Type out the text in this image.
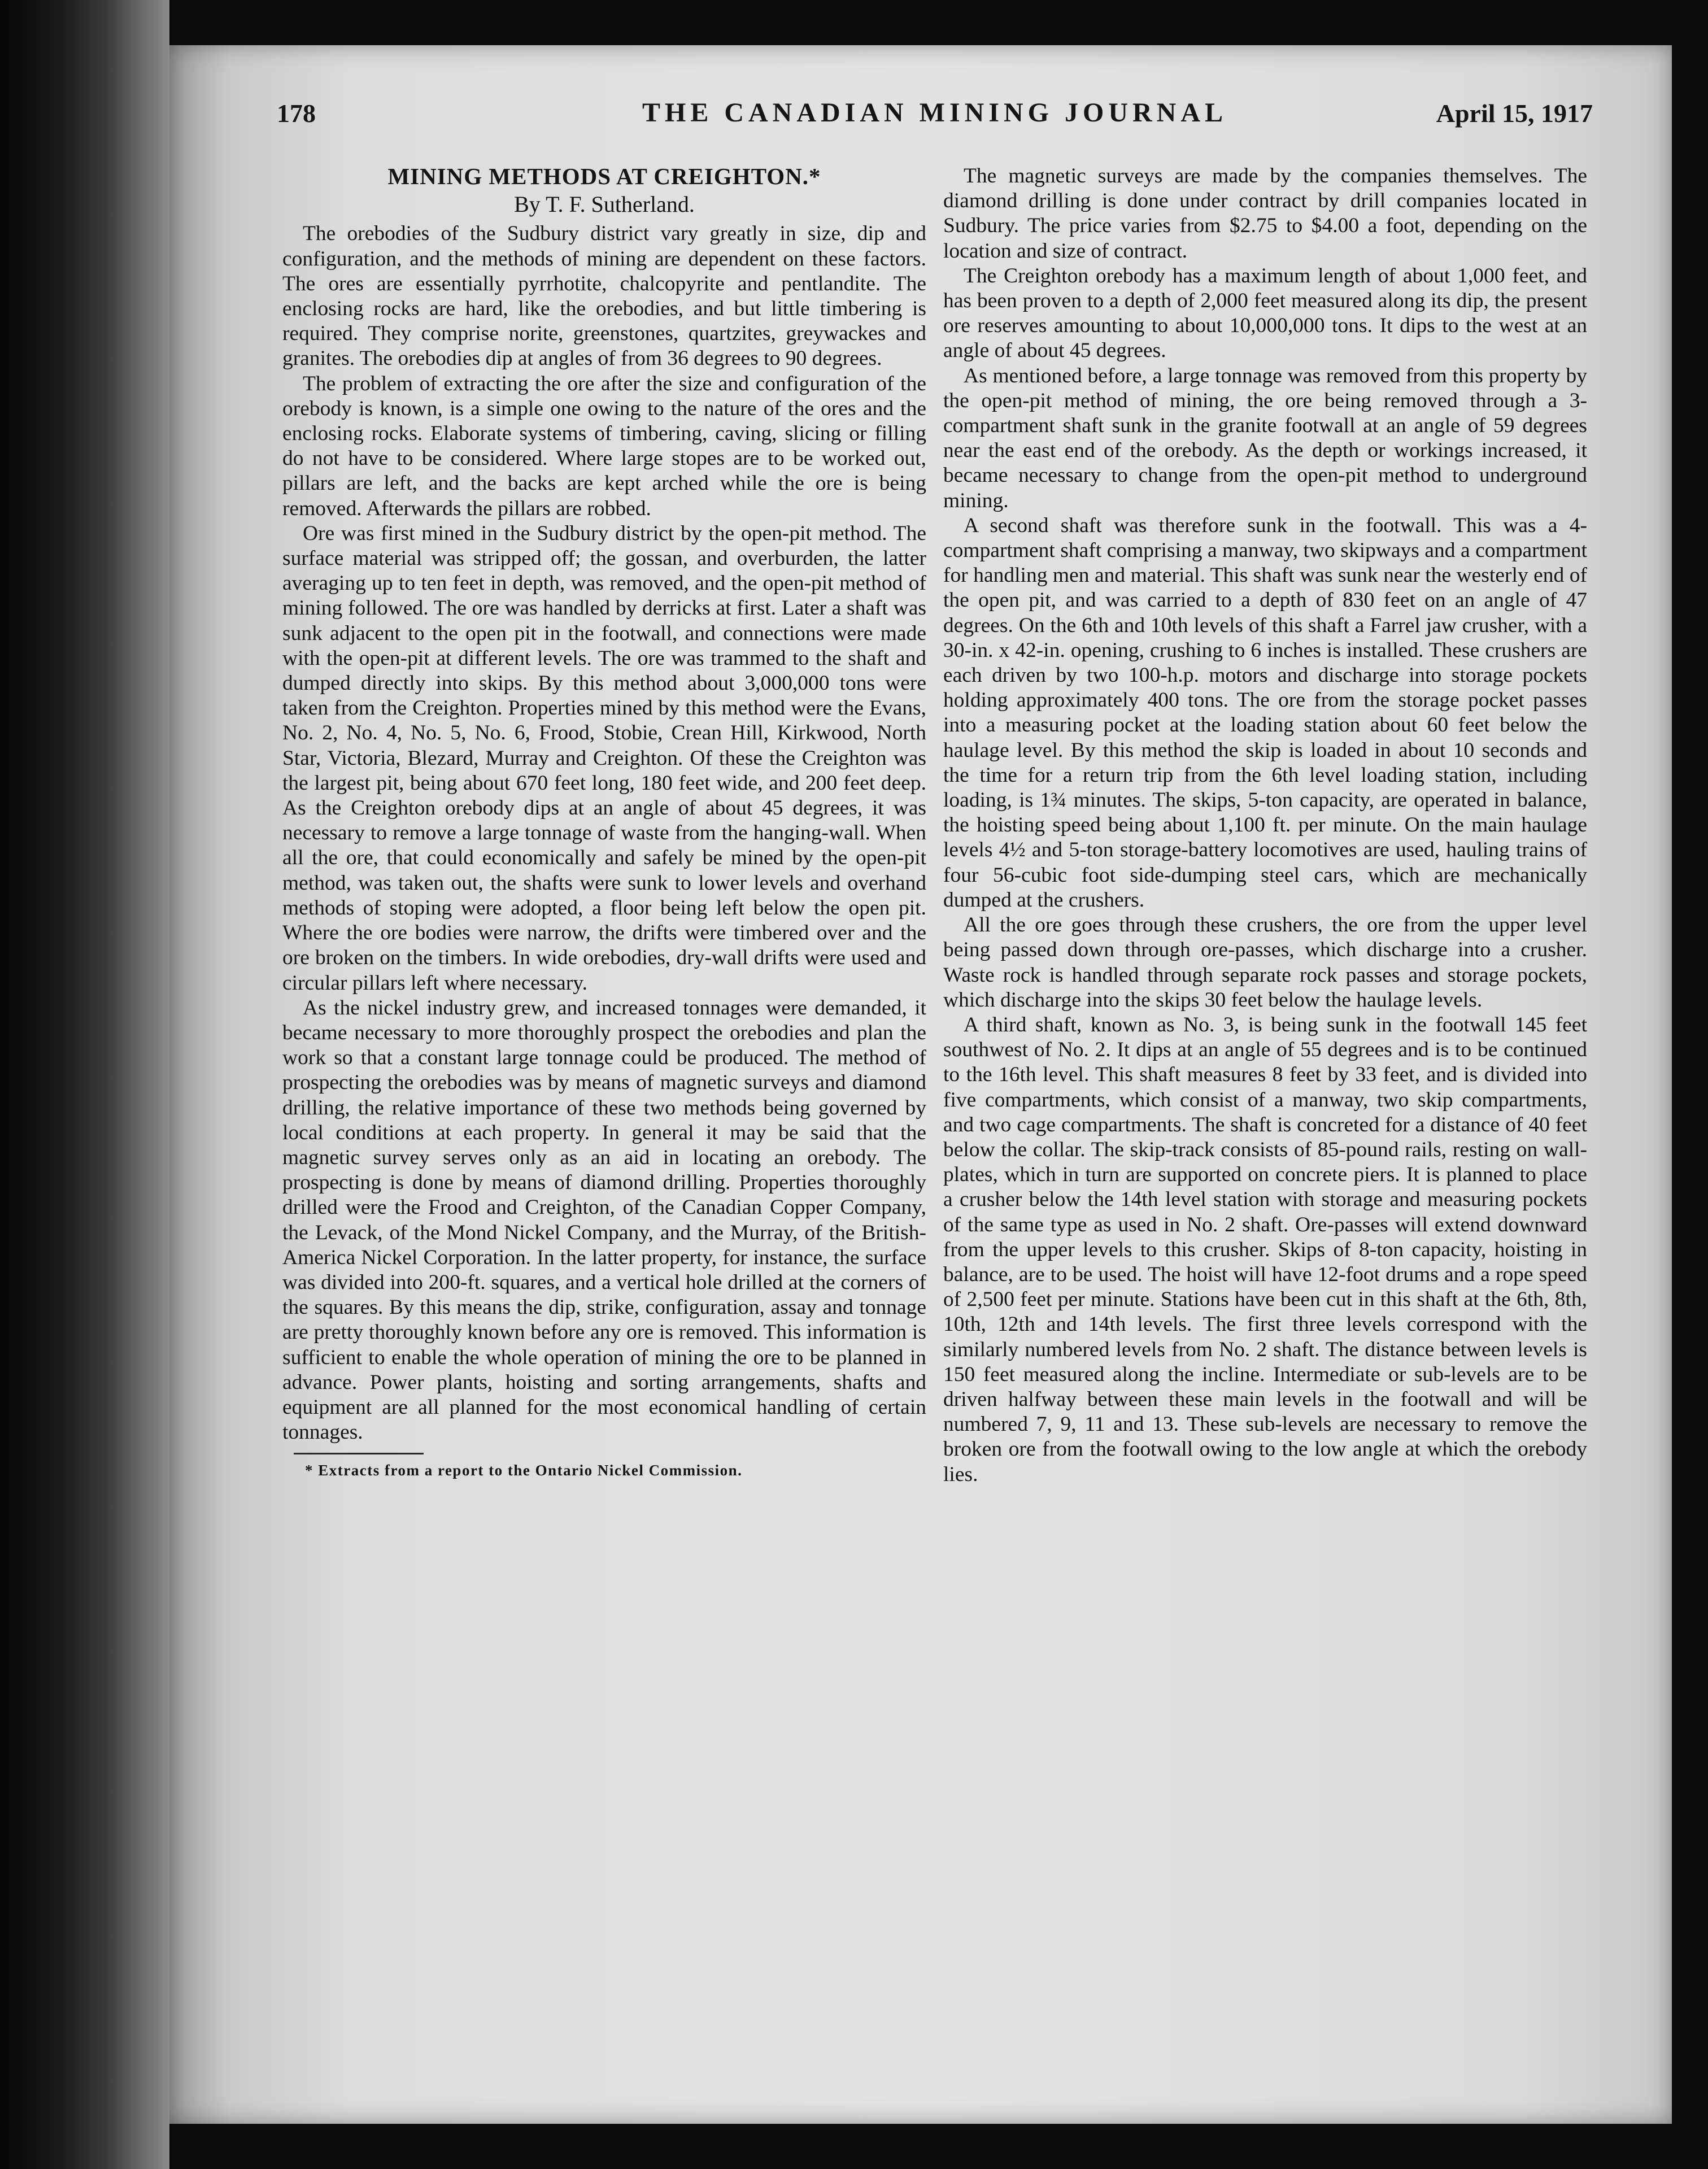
178	THE CANADIAN MINING JOURNAL	April 15, 1917
MINING METHODS AT CREIGHTON.*
By T. F. Sutherland.

The orebodies of the Sudbury district vary greatly in size, dip and configuration, and the methods of mining are dependent on these factors. The ores are essentially pyrrhotite, chalcopyrite and pentlandite. The enclosing rocks are hard, like the orebodies, and but little timbering is required. They comprise norite, greenstones, quartzites, greywackes and granites. The orebodies dip at angles of from 36 degrees to 90 degrees.

The problem of extracting the ore after the size and configuration of the orebody is known, is a simple one owing to the nature of the ores and the enclosing rocks. Elaborate systems of timbering, caving, slicing or filling do not have to be considered. Where large stopes are to be worked out, pillars are left, and the backs are kept arched while the ore is being removed. Afterwards the pillars are robbed.

Ore was first mined in the Sudbury district by the open-pit method. The surface material was stripped off; the gossan, and overburden, the latter averaging up to ten feet in depth, was removed, and the open-pit method of mining followed. The ore was handled by derricks at first. Later a shaft was sunk adjacent to the open pit in the footwall, and connections were made with the open-pit at different levels. The ore was trammed to the shaft and dumped directly into skips. By this method about 3,000,000 tons were taken from the Creighton. Properties mined by this method were the Evans, No. 2, No. 4, No. 5, No. 6, Frood, Stobie, Crean Hill, Kirkwood, North Star, Victoria, Blezard, Murray and Creighton. Of these the Creighton was the largest pit, being about 670 feet long, 180 feet wide, and 200 feet deep. As the Creighton orebody dips at an angle of about 45 degrees, it was necessary to remove a large tonnage of waste from the hanging-wall. When all the ore, that could economically and safely be mined by the open-pit method, was taken out, the shafts were sunk to lower levels and overhand methods of stoping were adopted, a floor being left below the open pit. Where the ore bodies were narrow, the drifts were timbered over and the ore broken on the timbers. In wide orebodies, dry-wall drifts were used and circular pillars left where necessary.

As the nickel industry grew, and increased tonnages were demanded, it became necessary to more thoroughly prospect the orebodies and plan the work so that a constant large tonnage could be produced. The method of prospecting the orebodies was by means of magnetic surveys and diamond drilling, the relative importance of these two methods being governed by local conditions at each property. In general it may be said that the magnetic survey serves only as an aid in locating an orebody. The prospecting is done by means of diamond drilling. Properties thoroughly drilled were the Frood and Creighton, of the Canadian Copper Company, the Levack, of the Mond Nickel Company, and the Murray, of the British-America Nickel Corporation. In the latter property, for instance, the surface was divided into 200-ft. squares, and a vertical hole drilled at the corners of the squares. By this means the dip, strike, configuration, assay and tonnage are pretty thoroughly known before any ore is removed. This information is sufficient to enable the whole operation of mining the ore to be planned in advance. Power plants, hoisting and sorting arrangements, shafts and equipment are all planned for the most economical handling of certain tonnages.

* Extracts from a report to the Ontario Nickel Commission.

The magnetic surveys are made by the companies themselves. The diamond drilling is done under contract by drill companies located in Sudbury. The price varies from $2.75 to $4.00 a foot, depending on the location and size of contract.

The Creighton orebody has a maximum length of about 1,000 feet, and has been proven to a depth of 2,000 feet measured along its dip, the present ore reserves amounting to about 10,000,000 tons. It dips to the west at an angle of about 45 degrees.

As mentioned before, a large tonnage was removed from this property by the open-pit method of mining, the ore being removed through a 3-compartment shaft sunk in the granite footwall at an angle of 59 degrees near the east end of the orebody. As the depth or workings increased, it became necessary to change from the open-pit method to underground mining.

A second shaft was therefore sunk in the footwall. This was a 4-compartment shaft comprising a manway, two skipways and a compartment for handling men and material. This shaft was sunk near the westerly end of the open pit, and was carried to a depth of 830 feet on an angle of 47 degrees. On the 6th and 10th levels of this shaft a Farrel jaw crusher, with a 30-in. x 42-in. opening, crushing to 6 inches is installed. These crushers are each driven by two 100-h.p. motors and discharge into storage pockets holding approximately 400 tons. The ore from the storage pocket passes into a measuring pocket at the loading station about 60 feet below the haulage level. By this method the skip is loaded in about 10 seconds and the time for a return trip from the 6th level loading station, including loading, is 1¾ minutes. The skips, 5-ton capacity, are operated in balance, the hoisting speed being about 1,100 ft. per minute. On the main haulage levels 4½ and 5-ton storage-battery locomotives are used, hauling trains of four 56-cubic foot side-dumping steel cars, which are mechanically dumped at the crushers.

All the ore goes through these crushers, the ore from the upper level being passed down through ore-passes, which discharge into a crusher. Waste rock is handled through separate rock passes and storage pockets, which discharge into the skips 30 feet below the haulage levels.

A third shaft, known as No. 3, is being sunk in the footwall 145 feet southwest of No. 2. It dips at an angle of 55 degrees and is to be continued to the 16th level. This shaft measures 8 feet by 33 feet, and is divided into five compartments, which consist of a manway, two skip compartments, and two cage compartments. The shaft is concreted for a distance of 40 feet below the collar. The skip-track consists of 85-pound rails, resting on wall-plates, which in turn are supported on concrete piers. It is planned to place a crusher below the 14th level station with storage and measuring pockets of the same type as used in No. 2 shaft. Ore-passes will extend downward from the upper levels to this crusher. Skips of 8-ton capacity, hoisting in balance, are to be used. The hoist will have 12-foot drums and a rope speed of 2,500 feet per minute. Stations have been cut in this shaft at the 6th, 8th, 10th, 12th and 14th levels. The first three levels correspond with the similarly numbered levels from No. 2 shaft. The distance between levels is 150 feet measured along the incline. Intermediate or sub-levels are to be driven halfway between these main levels in the footwall and will be numbered 7, 9, 11 and 13. These sub-levels are necessary to remove the broken ore from the footwall owing to the low angle at which the orebody lies.
